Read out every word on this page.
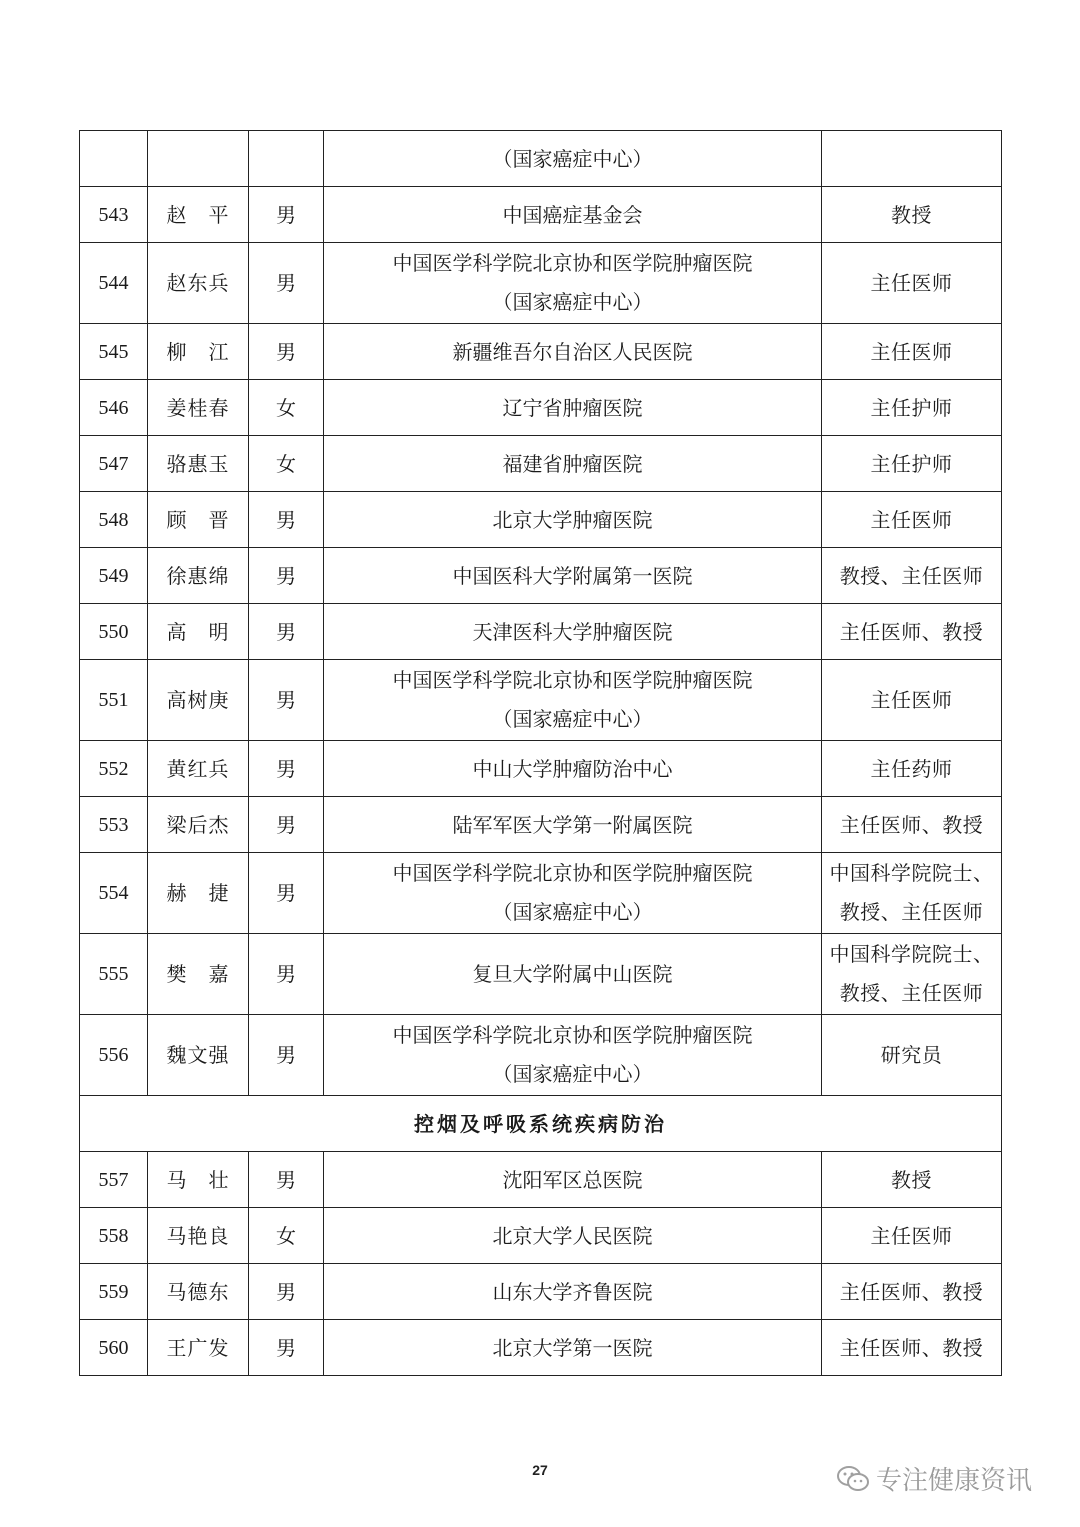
			（国家癌症中心）	
543	赵　平	男	中国癌症基金会	教授
544	赵东兵	男	中国医学科学院北京协和医学院肿瘤医院
（国家癌症中心）	主任医师
545	柳　江	男	新疆维吾尔自治区人民医院	主任医师
546	姜桂春	女	辽宁省肿瘤医院	主任护师
547	骆惠玉	女	福建省肿瘤医院	主任护师
548	顾　晋	男	北京大学肿瘤医院	主任医师
549	徐惠绵	男	中国医科大学附属第一医院	教授、主任医师
550	高　明	男	天津医科大学肿瘤医院	主任医师、教授
551	高树庚	男	中国医学科学院北京协和医学院肿瘤医院
（国家癌症中心）	主任医师
552	黄红兵	男	中山大学肿瘤防治中心	主任药师
553	梁后杰	男	陆军军医大学第一附属医院	主任医师、教授
554	赫　捷	男	中国医学科学院北京协和医学院肿瘤医院
（国家癌症中心）	中国科学院院士、
教授、主任医师

555	樊　嘉	男	复旦大学附属中山医院	中国科学院院士、
教授、主任医师

556	魏文强	男	中国医学科学院北京协和医学院肿瘤医院
（国家癌症中心）	研究员
控烟及呼吸系统疾病防治				
557	马　壮	男	沈阳军区总医院	教授
558	马艳良	女	北京大学人民医院	主任医师
559	马德东	男	山东大学齐鲁医院	主任医师、教授
560	王广发	男	北京大学第一医院	主任医师、教授
27	专注健康资讯
